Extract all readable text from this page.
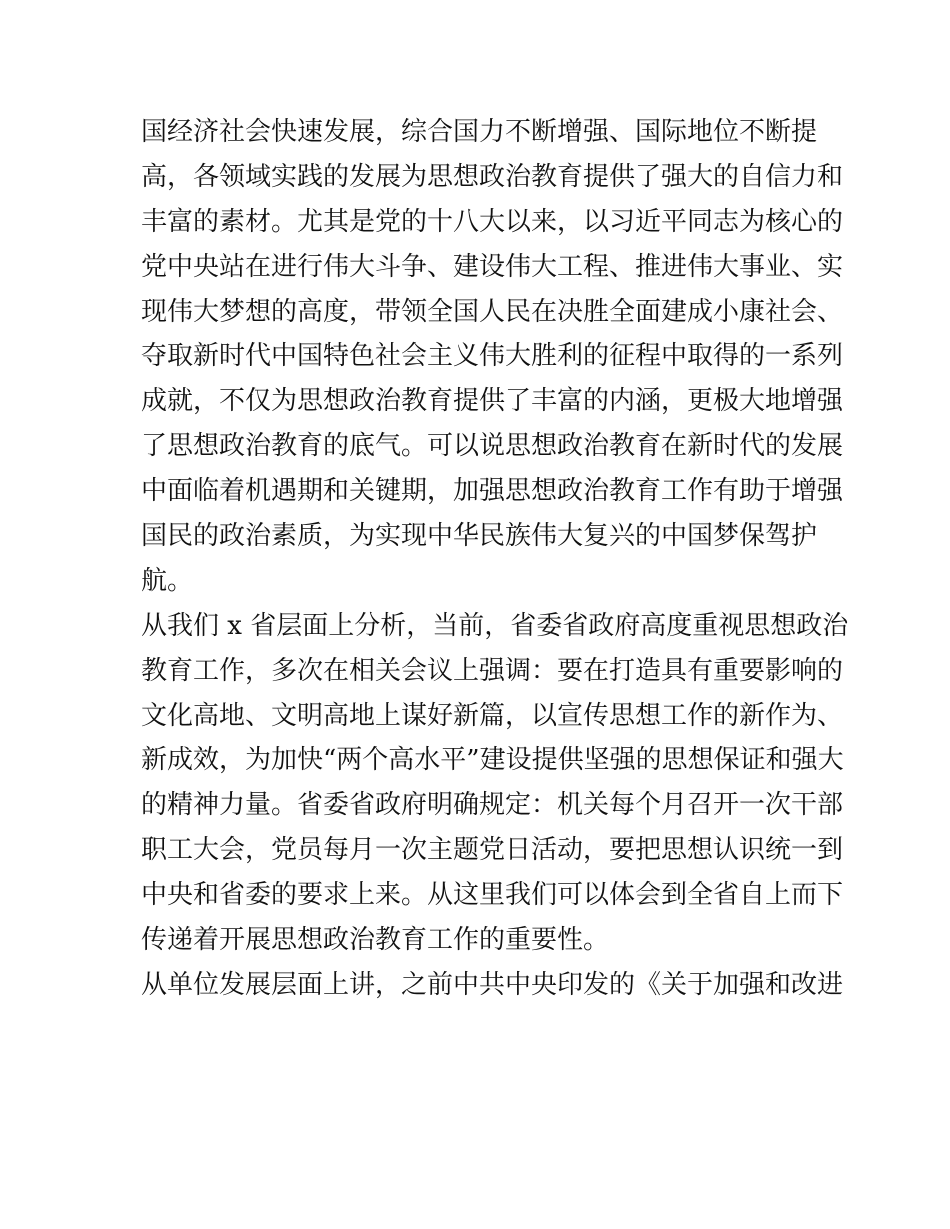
国经济社会快速发展，综合国力不断增强、国际地位不断提
高，各领域实践的发展为思想政治教育提供了强大的自信力和
丰富的素材。尤其是党的十八大以来，以习近平同志为核心的
党中央站在进行伟大斗争、建设伟大工程、推进伟大事业、实
现伟大梦想的高度，带领全国人民在决胜全面建成小康社会、
夺取新时代中国特色社会主义伟大胜利的征程中取得的一系列
成就，不仅为思想政治教育提供了丰富的内涵，更极大地增强
了思想政治教育的底气。可以说思想政治教育在新时代的发展
中面临着机遇期和关键期，加强思想政治教育工作有助于增强
国民的政治素质，为实现中华民族伟大复兴的中国梦保驾护
航。
从我们 x 省层面上分析，当前，省委省政府高度重视思想政治
教育工作，多次在相关会议上强调：要在打造具有重要影响的
文化高地、文明高地上谋好新篇，以宣传思想工作的新作为、
新成效，为加快“两个高水平”建设提供坚强的思想保证和强大
的精神力量。省委省政府明确规定：机关每个月召开一次干部
职工大会，党员每月一次主题党日活动，要把思想认识统一到
中央和省委的要求上来。从这里我们可以体会到全省自上而下
传递着开展思想政治教育工作的重要性。
从单位发展层面上讲，之前中共中央印发的《关于加强和改进
